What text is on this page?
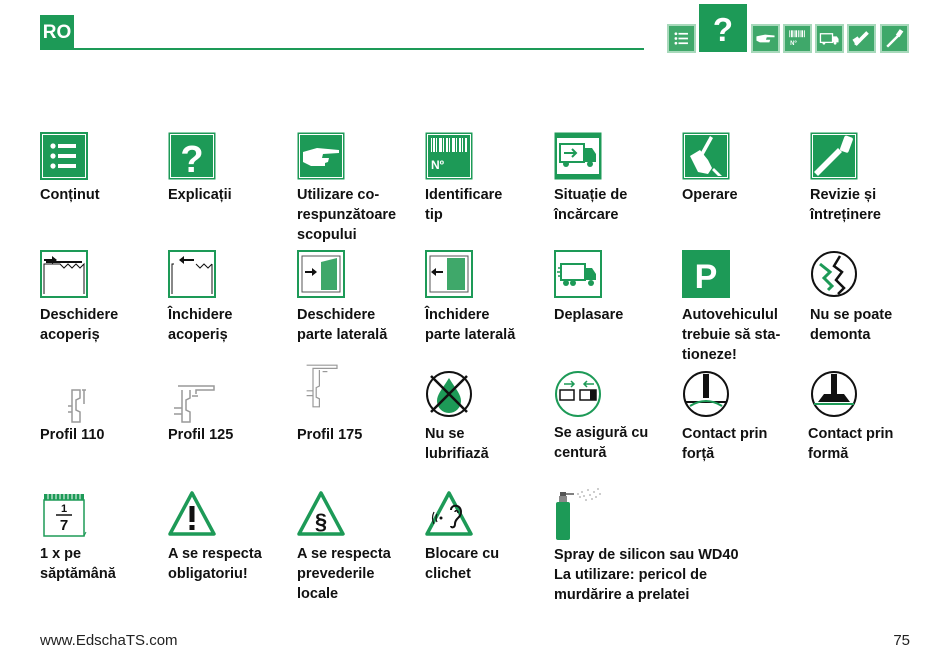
RO	?	Nº
Conținut
?
Explicații	Utilizare co-
respunzătoare
scopului
Nº
Identificare
tip
Situație de
încărcare
Operare	Revizie și
întreținere
Deschidere
acoperiș
Închidere
acoperiș
Deschidere
parte laterală
Închidere
parte laterală
Deplasare
P
Autovehiculul
trebuie să sta-
tioneze!
Nu se poate
demonta
Profil 110	Profil 125	Profil 175	Nu se
lubrifiază
Se asigură cu
centură
Contact prin
forță
Contact prin
formă
1
7
1 x pe
săptămână
A se respecta
obligatoriu!
§
A se respecta
prevederile
locale
Blocare cu
clichet
Spray de silicon sau WD40
La utilizare: pericol de
murdărire a prelatei
www.EdschaTS.com	75
